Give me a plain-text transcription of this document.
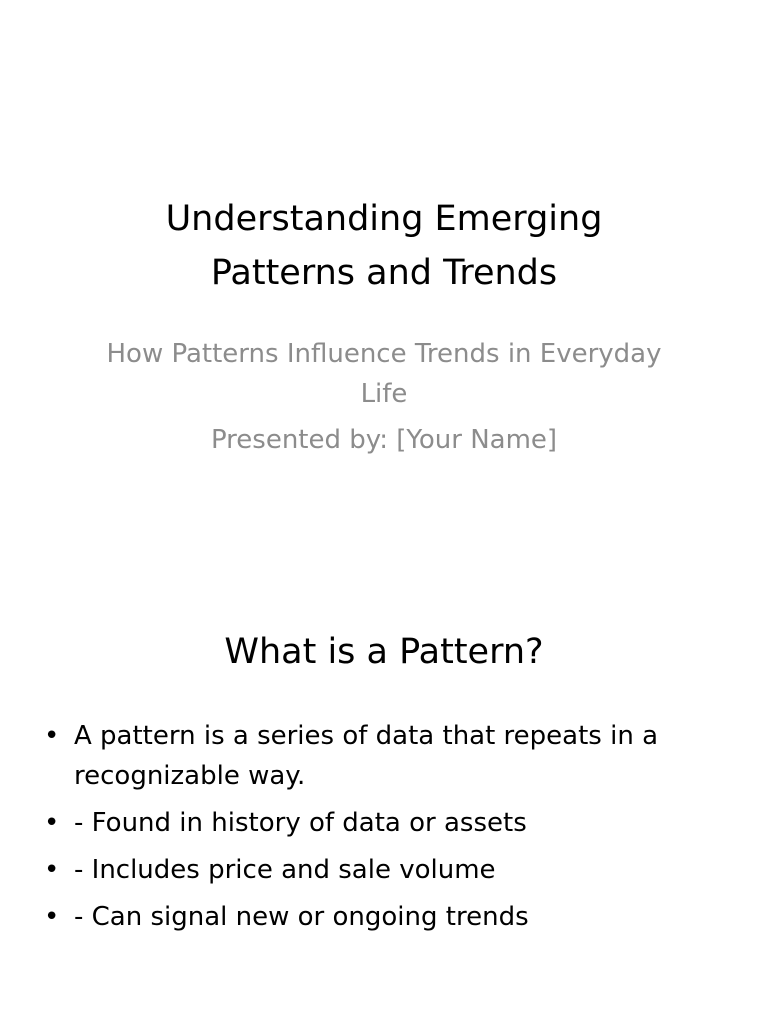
Understanding Emerging Patterns and Trends
How Patterns Influence Trends in Everyday Life
Presented by: [Your Name]
What is a Pattern?
• A pattern is a series of data that repeats in a recognizable way.
• - Found in history of data or assets
• - Includes price and sale volume
• - Can signal new or ongoing trends
